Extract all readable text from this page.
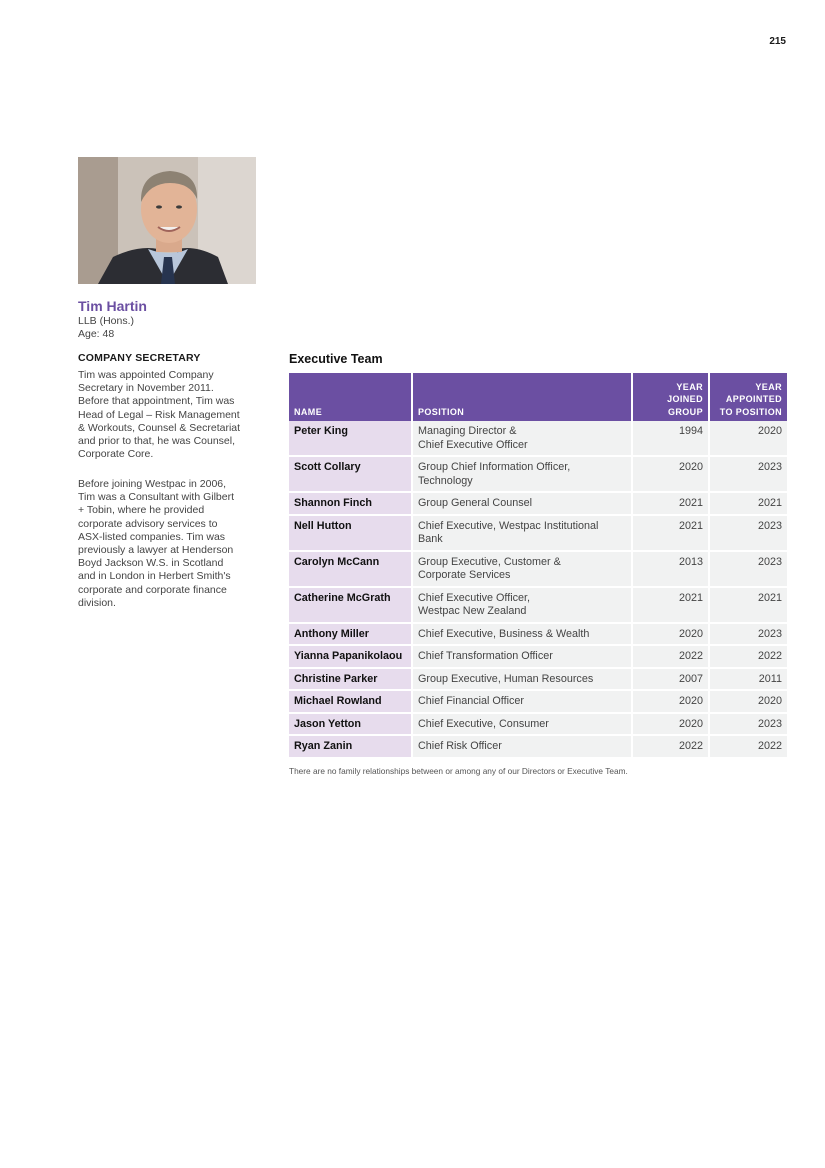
215
Tim Hartin
LLB (Hons.)
Age: 48
COMPANY SECRETARY
Tim was appointed Company Secretary in November 2011. Before that appointment, Tim was Head of Legal – Risk Management & Workouts, Counsel & Secretariat and prior to that, he was Counsel, Corporate Core.
Before joining Westpac in 2006, Tim was a Consultant with Gilbert + Tobin, where he provided corporate advisory services to ASX-listed companies. Tim was previously a lawyer at Henderson Boyd Jackson W.S. in Scotland and in London in Herbert Smith's corporate and corporate finance division.
Executive Team
NAME	POSITION	YEAR JOINED GROUP	YEAR APPOINTED TO POSITION
Peter King	Managing Director &
Chief Executive Officer	1994	2020
Scott Collary	Group Chief Information Officer,
Technology	2020	2023
Shannon Finch	Group General Counsel	2021	2021
Nell Hutton	Chief Executive, Westpac Institutional Bank	2021	2023
Carolyn McCann	Group Executive, Customer &
Corporate Services	2013	2023
Catherine McGrath	Chief Executive Officer,
Westpac New Zealand	2021	2021
Anthony Miller	Chief Executive, Business & Wealth	2020	2023
Yianna Papanikolaou	Chief Transformation Officer	2022	2022
Christine Parker	Group Executive, Human Resources	2007	2011
Michael Rowland	Chief Financial Officer	2020	2020
Jason Yetton	Chief Executive, Consumer	2020	2023
Ryan Zanin	Chief Risk Officer	2022	2022
There are no family relationships between or among any of our Directors or Executive Team.
